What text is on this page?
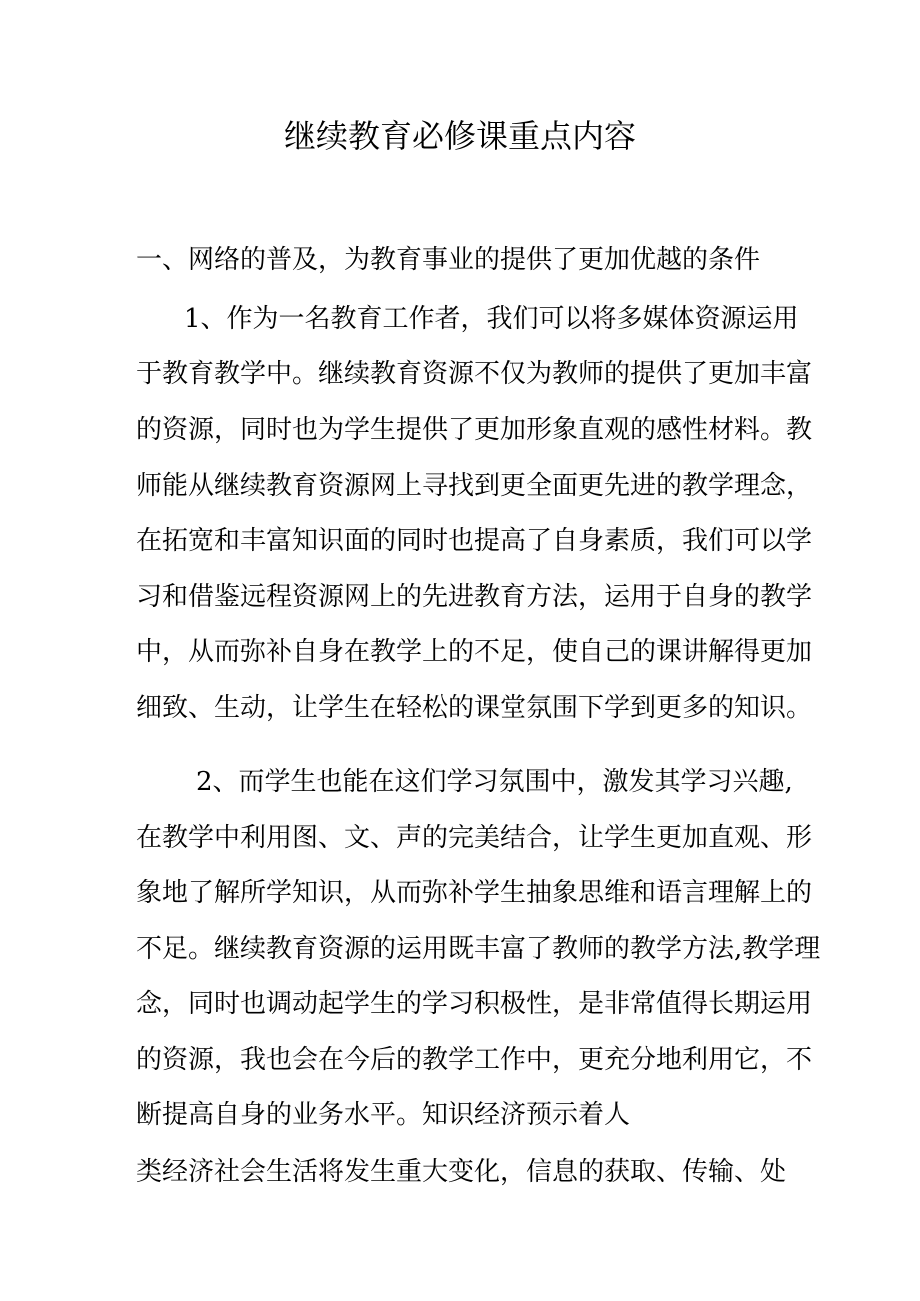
继续教育必修课重点内容

一、网络的普及，为教育事业的提供了更加优越的条件

1、作为一名教育工作者，我们可以将多媒体资源运用

于教育教学中。继续教育资源不仅为教师的提供了更加丰富

的资源，同时也为学生提供了更加形象直观的感性材料。教

师能从继续教育资源网上寻找到更全面更先进的教学理念，

在拓宽和丰富知识面的同时也提高了自身素质，我们可以学

习和借鉴远程资源网上的先进教育方法，运用于自身的教学

中，从而弥补自身在教学上的不足，使自己的课讲解得更加

细致、生动，让学生在轻松的课堂氛围下学到更多的知识。

2、而学生也能在这们学习氛围中，激发其学习兴趣,

在教学中利用图、文、声的完美结合，让学生更加直观、形

象地了解所学知识，从而弥补学生抽象思维和语言理解上的

不足。继续教育资源的运用既丰富了教师的教学方法,教学理

念，同时也调动起学生的学习积极性，是非常值得长期运用

的资源，我也会在今后的教学工作中，更充分地利用它，不

断提高自身的业务水平。知识经济预示着人

类经济社会生活将发生重大变化，信息的获取、传输、处
